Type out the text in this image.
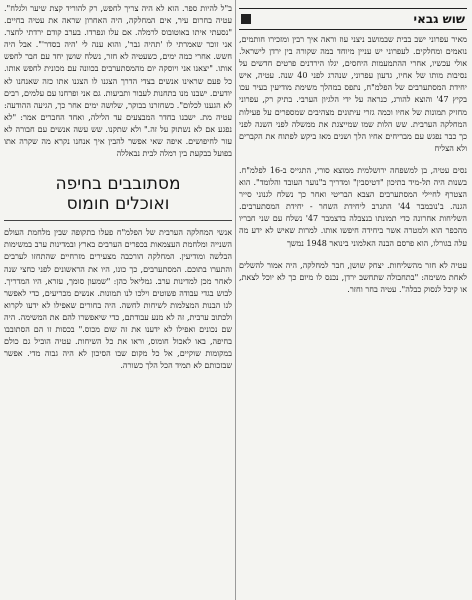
שוש גבאי

מאיר עפרוני ישב בבית שבמושב ניצני עוז וראה איך רבין ומזכירו חותמים, נואמים ומחלקים. לעפרוני יש עניין מיוחד במה שקורה בין ירדן לישראל. אולי עכשיו, אחרי ההתמעמות היחסים, יגלו הירדנים פרטים חדשים על נסיבות מותו של אחיו, גדעון עפרוני, שנהרג לפני 40 שנה. עטיה, איש יחידת המסתערבים של הפלמ"ח, נתפס במהלך משימת מודיעין בעיר עכו בקיץ 47' והוצא להורג, כנראה על ידי הלגיון הערבי. בתיק רק, עפרוני מחזיק תמונות של אחיו וכמה גזרי עיתונים מצהיבים שמספרים על פעילות המחלקה הערבית. שש הלות שמו שמייצגת את ממשלה לפני השנה לפני כך כבר נפגש עם מבריחים אחיו הלך ושנים מאז ביקש לפתוח את הקברים ולא הצליח

נסים עטיה, בן למשפחה ירושלמית ממוצא סורי, התגייס ב-16 לפלמ"ח. בשנות היה תל-מיד בתיכון "דטיסבין" ומדריך ב"נוער העובד והלומד". הוא הצטרף לחיילי המסתערבים הצבא הבריטי ואחר כך נשלח לגנוני סייר הגנה. ב'נובמבר 44' התגרב ליחידת השחר - יחידת המסתערבים. השליחות אחרונה כדי תמונתו בנצבלה בדצמבר 47' נשלח עם שני חבריו מהכפר הוא ולמטרה אשר ביחידה חיפשו אותו. למרות שאיש לא ידע מה עלה בגורלו, הוא פרסם הבנה האלמוני בינואר 1948 נמשך

עטיה לא חזר מהשליחות. יצחק שושן, חבר למחלקה, היה אמור להשלים לאחת משימה: "בתחבולה שתחשב ירדן, נכנס לו מיום כך לא יוכל לצאת, או קיבל לנסוק כבלה". עטיה בחר וחזר.

ב"ל להיות ספר. הוא לא היה צריך לחפש, רק להוריד קצת שיער ולגלח". עטיה בחרום עיר, אים המחלקה, היה האחרון שראה את עטיה בחיים. "נסעתי איתו באוטובוס לרמלה. אם עלו ונפרדו. בערב קודם ירדתי לחצר. אני זוכר שאמרתי לו 'תהיה גבר', והוא ענה לי 'היה בסדר'". אבל היה חשש. אחרי כמה ימים, כשעטיה לא חזר, נשלח שושן יחד עם חבר לחפש אותו. "יצאנו אני ויוסקה יום מהמסתערבים בכוונה עם מכונית לחפש אותו. כל פעם שראינו אנשים בצדי הדרך הצגנו לו הצגנו אתו כזה שאנחנו לא יודעים. ישבנו מנו בתחנות לעבור ותביעות. גם אני ופרחנו עם עלמים, רבים לא הגענו לכלום". כשחזרנו בבוקר, שלושה ימים אחר כך, הגיעה ההודעה: עטיה מת. ישבנו בחדר המבצעים עד הלילה, ואחד החברים אמר: "לא נפגע אם לא נשתוק על זה." ולא שתקנו. שש עשה אנשים עם חבורה לא עזר לחיפושים. איפה שאי אפשר להבין איך אנחנו נקרא מה שקרה אתו בפועל בבקעת בין רמלה לבית נבאללה

מסתובבים בחיפה
ואוכלים חומוס

אנשי המחלקה הערבית של הפלמ"ח פעלו בתקופה שבין מלחמת העולם השנייה ומלחמת העצמאות בכפרים הערבים בארץ ובמדינות ערב במשימות הבלשה ומודיעין. המחלקה הורכבה מצעירים מזרחיים שהתחזו לערבים והתערו בתוכם. המסתערבים, כך כונו, היו את הראשונים לפני כחצי שנה לאחר מכן למדינות ערב. גמליאל כהן: "שמעון סומך, עזרא, היו המדריך. לבוש בגדי עבודה פשוטים וילכו לנו תמונות. אנשים מכריעים, כדי לאפשר לנו הבנות המצלמות לשיחות לחשה. היה בחורים שאפילו לא ידעו לקרוא ולכתוב ערבית, זה לא מנע עבודתם, כדי שיאפשרו להם את המשימה. היה שם נכונים ואפילו לא ידענו את זה שום מכוס." בכסות זו הם הסתובבו בחיפה, באו לאכול חומוס, וראו את כל השיחות. עטיה הוביל גם כולם במקומות שוקיים, אל כל מקום שבו הסיכון לא היה גבוה מדי. אפשר שבזכותם לא תמיד הכל הלך כשורה.
